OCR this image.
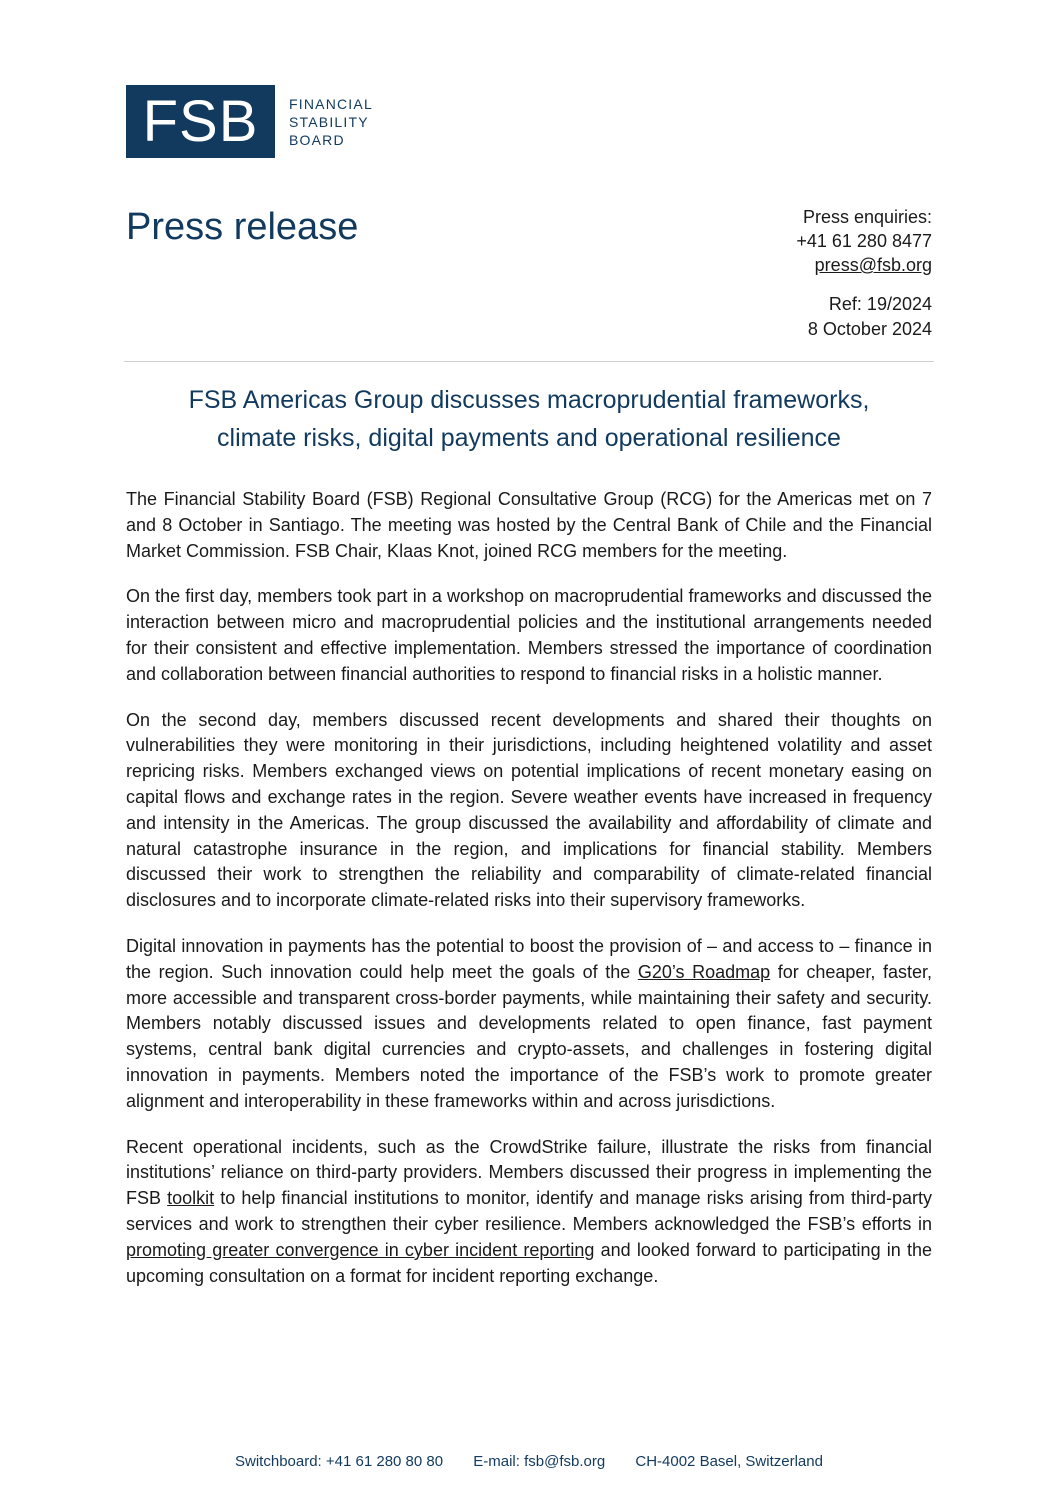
FSB	FINANCIAL
STABILITY
BOARD
Press release	Press enquiries:
+41 61 280 8477
press@fsb.org
Ref: 19/2024
8 October 2024
FSB Americas Group discusses macroprudential frameworks,
climate risks, digital payments and operational resilience

The Financial Stability Board (FSB) Regional Consultative Group (RCG) for the Americas met on 7 and 8 October in Santiago. The meeting was hosted by the Central Bank of Chile and the Financial Market Commission. FSB Chair, Klaas Knot, joined RCG members for the meeting.

On the first day, members took part in a workshop on macroprudential frameworks and discussed the interaction between micro and macroprudential policies and the institutional arrangements needed for their consistent and effective implementation. Members stressed the importance of coordination and collaboration between financial authorities to respond to financial risks in a holistic manner.

On the second day, members discussed recent developments and shared their thoughts on vulnerabilities they were monitoring in their jurisdictions, including heightened volatility and asset repricing risks. Members exchanged views on potential implications of recent monetary easing on capital flows and exchange rates in the region. Severe weather events have increased in frequency and intensity in the Americas. The group discussed the availability and affordability of climate and natural catastrophe insurance in the region, and implications for financial stability. Members discussed their work to strengthen the reliability and comparability of climate-related financial disclosures and to incorporate climate-related risks into their supervisory frameworks.

Digital innovation in payments has the potential to boost the provision of – and access to – finance in the region. Such innovation could help meet the goals of the G20’s Roadmap for cheaper, faster, more accessible and transparent cross-border payments, while maintaining their safety and security. Members notably discussed issues and developments related to open finance, fast payment systems, central bank digital currencies and crypto-assets, and challenges in fostering digital innovation in payments. Members noted the importance of the FSB’s work to promote greater alignment and interoperability in these frameworks within and across jurisdictions.

Recent operational incidents, such as the CrowdStrike failure, illustrate the risks from financial institutions’ reliance on third-party providers. Members discussed their progress in implementing the FSB toolkit to help financial institutions to monitor, identify and manage risks arising from third-party services and work to strengthen their cyber resilience. Members acknowledged the FSB’s efforts in promoting greater convergence in cyber incident reporting and looked forward to participating in the upcoming consultation on a format for incident reporting exchange.

Switchboard: +41 61 280 80 80 E-mail: fsb@fsb.org CH-4002 Basel, Switzerland
